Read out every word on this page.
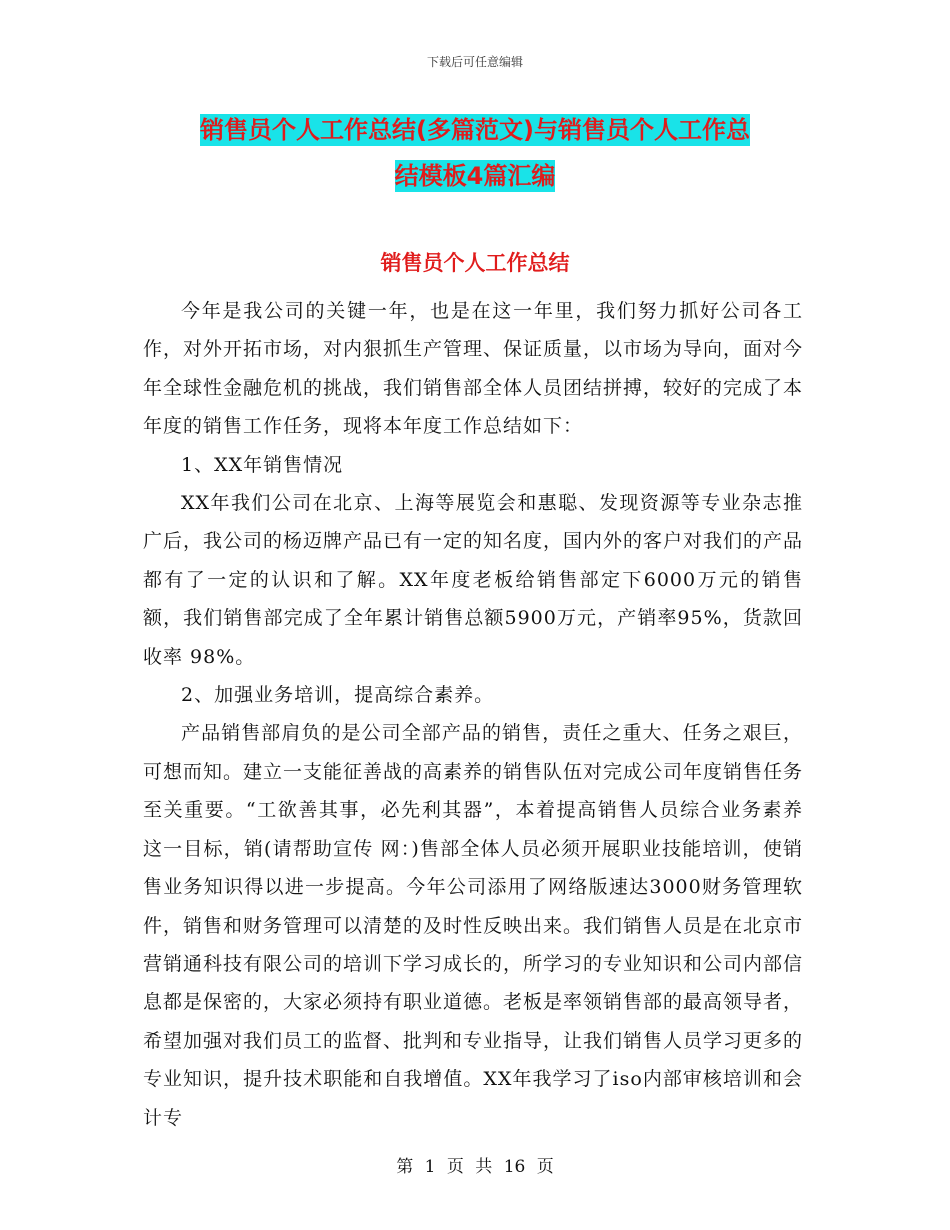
下载后可任意编辑
销售员个人工作总结(多篇范文)与销售员个人工作总
结模板4篇汇编
销售员个人工作总结

今年是我公司的关键一年，也是在这一年里，我们努力抓好公司各工作，对外开拓市场，对内狠抓生产管理、保证质量，以市场为导向，面对今年全球性金融危机的挑战，我们销售部全体人员团结拼搏，较好的完成了本年度的销售工作任务，现将本年度工作总结如下：

1、XX年销售情况

XX年我们公司在北京、上海等展览会和惠聪、发现资源等专业杂志推广后，我公司的杨迈牌产品已有一定的知名度，国内外的客户对我们的产品都有了一定的认识和了解。XX年度老板给销售部定下6000万元的销售额，我们销售部完成了全年累计销售总额5900万元，产销率95%，货款回收率 98%。

2、加强业务培训，提高综合素养。

产品销售部肩负的是公司全部产品的销售，责任之重大、任务之艰巨，可想而知。建立一支能征善战的高素养的销售队伍对完成公司年度销售任务至关重要。“工欲善其事，必先利其器”，本着提高销售人员综合业务素养这一目标，销(请帮助宣传 网：)售部全体人员必须开展职业技能培训，使销售业务知识得以进一步提高。今年公司添用了网络版速达3000财务管理软件，销售和财务管理可以清楚的及时性反映出来。我们销售人员是在北京市营销通科技有限公司的培训下学习成长的，所学习的专业知识和公司内部信息都是保密的，大家必须持有职业道德。老板是率领销售部的最高领导者，希望加强对我们员工的监督、批判和专业指导，让我们销售人员学习更多的专业知识，提升技术职能和自我增值。XX年我学习了iso内部审核培训和会计专

第 1 页 共 16 页
